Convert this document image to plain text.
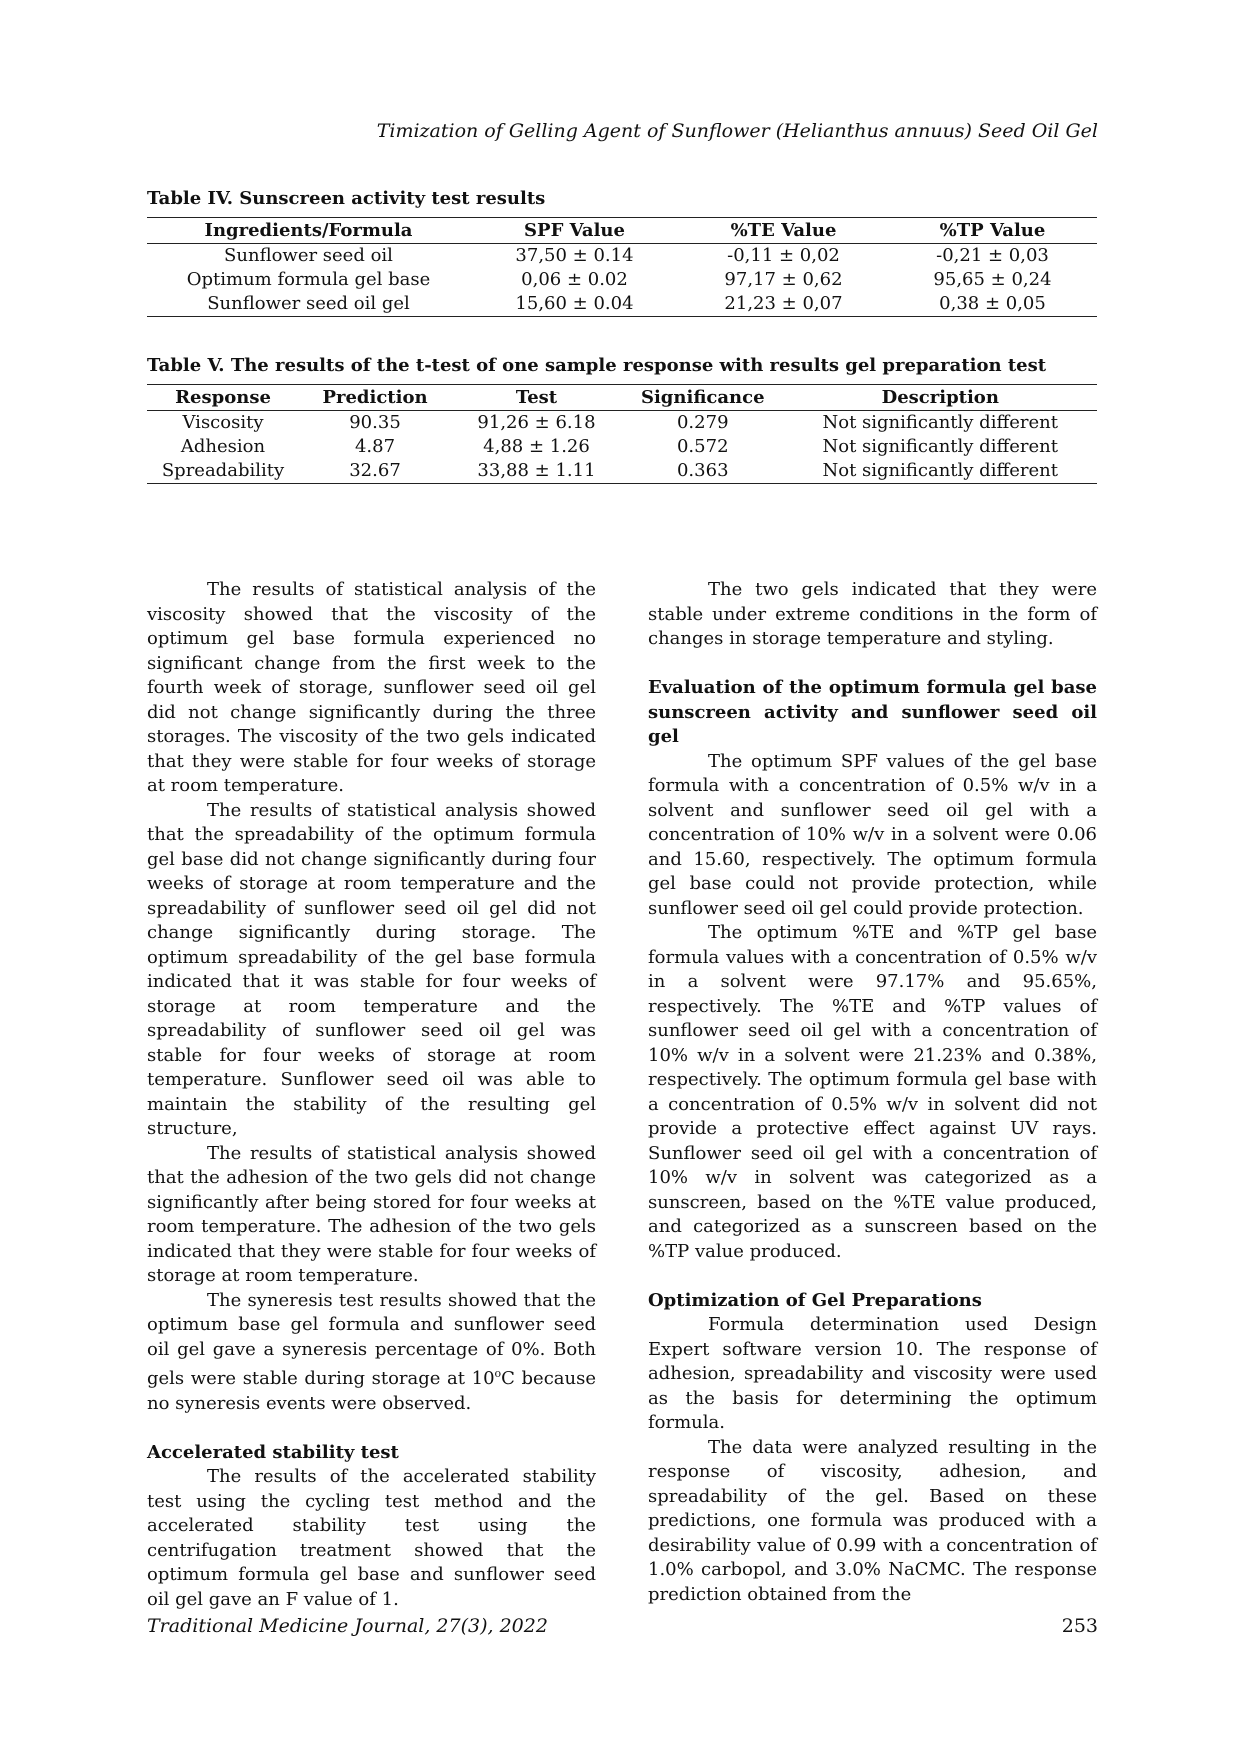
Timization of Gelling Agent of Sunflower (Helianthus annuus) Seed Oil Gel
Table IV. Sunscreen activity test results
Ingredients/Formula	SPF Value	%TE Value	%TP Value
Sunflower seed oil	37,50 ± 0.14	-0,11 ± 0,02	-0,21 ± 0,03
Optimum formula gel base	0,06 ± 0.02	97,17 ± 0,62	95,65 ± 0,24
Sunflower seed oil gel	15,60 ± 0.04	21,23 ± 0,07	0,38 ± 0,05
Table V. The results of the t-test of one sample response with results gel preparation test
Response	Prediction	Test	Significance	Description
Viscosity	90.35	91,26 ± 6.18	0.279	Not significantly different
Adhesion	4.87	4,88 ± 1.26	0.572	Not significantly different
Spreadability	32.67	33,88 ± 1.11	0.363	Not significantly different

The results of statistical analysis of the viscosity showed that the viscosity of the optimum gel base formula experienced no significant change from the first week to the fourth week of storage, sunflower seed oil gel did not change significantly during the three storages. The viscosity of the two gels indicated that they were stable for four weeks of storage at room temperature.

The results of statistical analysis showed that the spreadability of the optimum formula gel base did not change significantly during four weeks of storage at room temperature and the spreadability of sunflower seed oil gel did not change significantly during storage. The optimum spreadability of the gel base formula indicated that it was stable for four weeks of storage at room temperature and the spreadability of sunflower seed oil gel was stable for four weeks of storage at room temperature. Sunflower seed oil was able to maintain the stability of the resulting gel structure,

The results of statistical analysis showed that the adhesion of the two gels did not change significantly after being stored for four weeks at room temperature. The adhesion of the two gels indicated that they were stable for four weeks of storage at room temperature.

The syneresis test results showed that the optimum base gel formula and sunflower seed oil gel gave a syneresis percentage of 0%. Both gels were stable during storage at 10$^o$C because no syneresis events were observed.

Accelerated stability test

The results of the accelerated stability test using the cycling test method and the accelerated stability test using the centrifugation treatment showed that the optimum formula gel base and sunflower seed oil gel gave an F value of 1.

The two gels indicated that they were stable under extreme conditions in the form of changes in storage temperature and styling.

Evaluation of the optimum formula gel base sunscreen activity and sunflower seed oil gel

The optimum SPF values of the gel base formula with a concentration of 0.5% w/v in a solvent and sunflower seed oil gel with a concentration of 10% w/v in a solvent were 0.06 and 15.60, respectively. The optimum formula gel base could not provide protection, while sunflower seed oil gel could provide protection.

The optimum %TE and %TP gel base formula values with a concentration of 0.5% w/v in a solvent were 97.17% and 95.65%, respectively. The %TE and %TP values of sunflower seed oil gel with a concentration of 10% w/v in a solvent were 21.23% and 0.38%, respectively. The optimum formula gel base with a concentration of 0.5% w/v in solvent did not provide a protective effect against UV rays. Sunflower seed oil gel with a concentration of 10% w/v in solvent was categorized as a sunscreen, based on the %TE value produced, and categorized as a sunscreen based on the %TP value produced.

Optimization of Gel Preparations

Formula determination used Design Expert software version 10. The response of adhesion, spreadability and viscosity were used as the basis for determining the optimum formula.

The data were analyzed resulting in the response of viscosity, adhesion, and spreadability of the gel. Based on these predictions, one formula was produced with a desirability value of 0.99 with a concentration of 1.0% carbopol, and 3.0% NaCMC. The response prediction obtained from the

Traditional Medicine Journal, 27(3), 2022	253
